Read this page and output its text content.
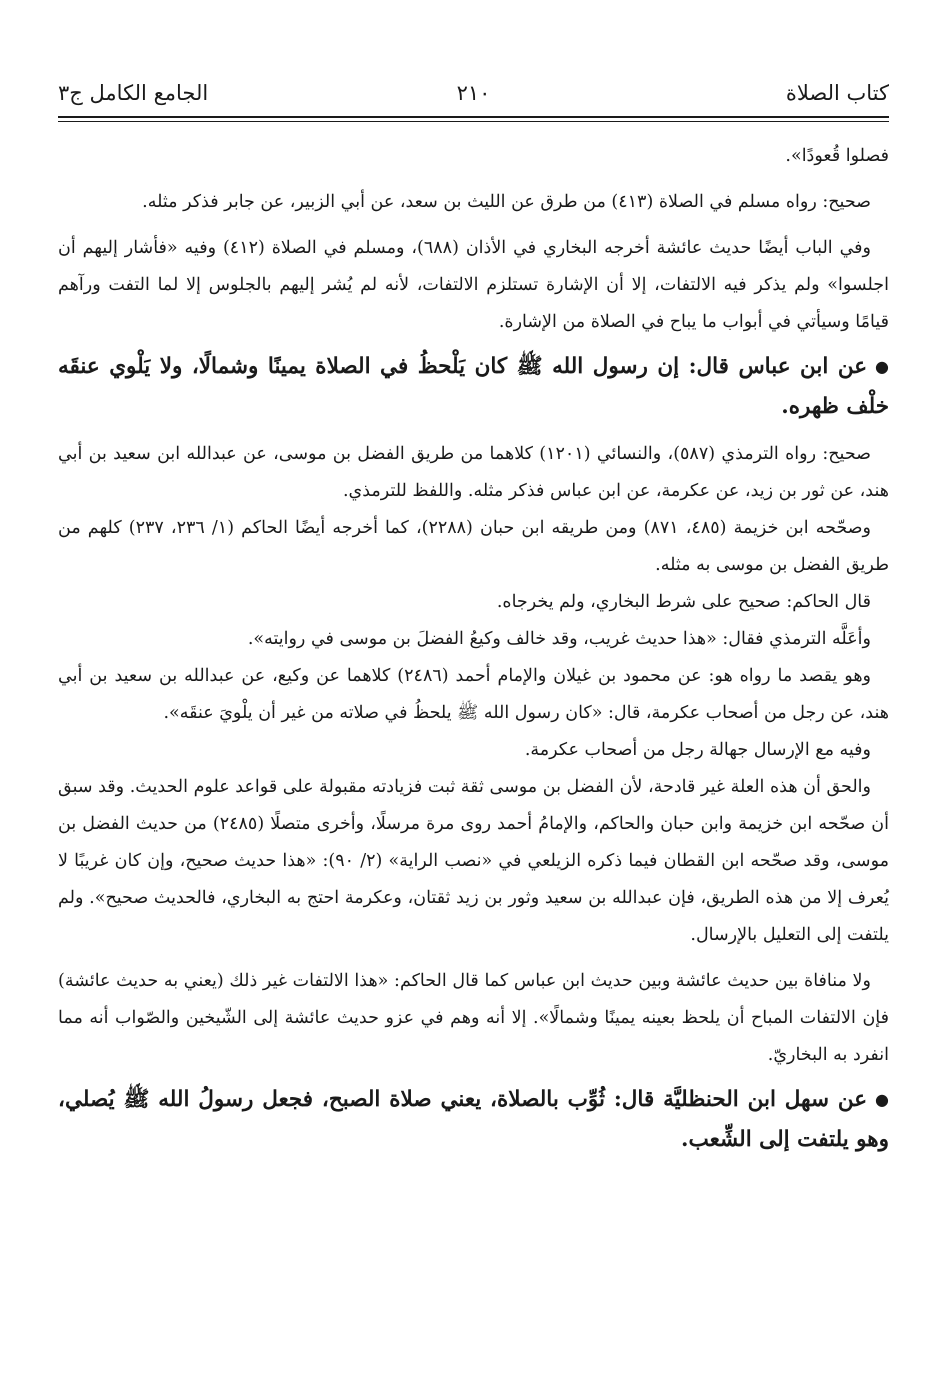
كتاب الصلاة
٢١٠
الجامع الكامل ج٣

فصلوا قُعودًا».

صحيح: رواه مسلم في الصلاة (٤١٣) من طرق عن الليث بن سعد، عن أبي الزبير، عن جابر فذكر مثله.

وفي الباب أيضًا حديث عائشة أخرجه البخاري في الأذان (٦٨٨)، ومسلم في الصلاة (٤١٢) وفيه «فأشار إليهم أن اجلسوا» ولم يذكر فيه الالتفات، إلا أن الإشارة تستلزم الالتفات، لأنه لم يُشر إليهم بالجلوس إلا لما التفت ورآهم قيامًا وسيأتي في أبواب ما يباح في الصلاة من الإشارة.

●عن ابن عباس قال: إن رسول الله ﷺ كان يَلْحظُ في الصلاة يمينًا وشمالًا، ولا يَلْوي عنقَه خلْف ظهره.

صحيح: رواه الترمذي (٥٨٧)، والنسائي (١٢٠١) كلاهما من طريق الفضل بن موسى، عن عبدالله ابن سعيد بن أبي هند، عن ثور بن زيد، عن عكرمة، عن ابن عباس فذكر مثله. واللفظ للترمذي.

وصحّحه ابن خزيمة (٤٨٥، ٨٧١) ومن طريقه ابن حبان (٢٢٨٨)، كما أخرجه أيضًا الحاكم (١/ ٢٣٦، ٢٣٧) كلهم من طريق الفضل بن موسى به مثله.

قال الحاكم: صحيح على شرط البخاري، ولم يخرجاه.

وأعَلَّه الترمذي فقال: «هذا حديث غريب، وقد خالف وكيعُ الفضلَ بن موسى في روايته».

وهو يقصد ما رواه هو: عن محمود بن غيلان والإمام أحمد (٢٤٨٦) كلاهما عن وكيع، عن عبدالله بن سعيد بن أبي هند، عن رجل من أصحاب عكرمة، قال: «كان رسول الله ﷺ يلحظُ في صلاته من غير أن يلْويَ عنقَه».

وفيه مع الإرسال جهالة رجل من أصحاب عكرمة.

والحق أن هذه العلة غير قادحة، لأن الفضل بن موسى ثقة ثبت فزيادته مقبولة على قواعد علوم الحديث. وقد سبق أن صحّحه ابن خزيمة وابن حبان والحاكم، والإمامُ أحمد روى مرة مرسلًا، وأخرى متصلًا (٢٤٨٥) من حديث الفضل بن موسى، وقد صحّحه ابن القطان فيما ذكره الزيلعي في «نصب الراية» (٢/ ٩٠): «هذا حديث صحيح، وإن كان غريبًا لا يُعرف إلا من هذه الطريق، فإن عبدالله بن سعيد وثور بن زيد ثقتان، وعكرمة احتج به البخاري، فالحديث صحيح». ولم يلتفت إلى التعليل بالإرسال.

ولا منافاة بين حديث عائشة وبين حديث ابن عباس كما قال الحاكم: «هذا الالتفات غير ذلك (يعني به حديث عائشة) فإن الالتفات المباح أن يلحظ بعينه يمينًا وشمالًا». إلا أنه وهم في عزو حديث عائشة إلى الشّيخين والصّواب أنه مما انفرد به البخاريّ.

●عن سهل ابن الحنظليَّة قال: ثُوِّب بالصلاة، يعني صلاة الصبح، فجعل رسولُ الله ﷺ يُصلي، وهو يلتفت إلى الشِّعب.
